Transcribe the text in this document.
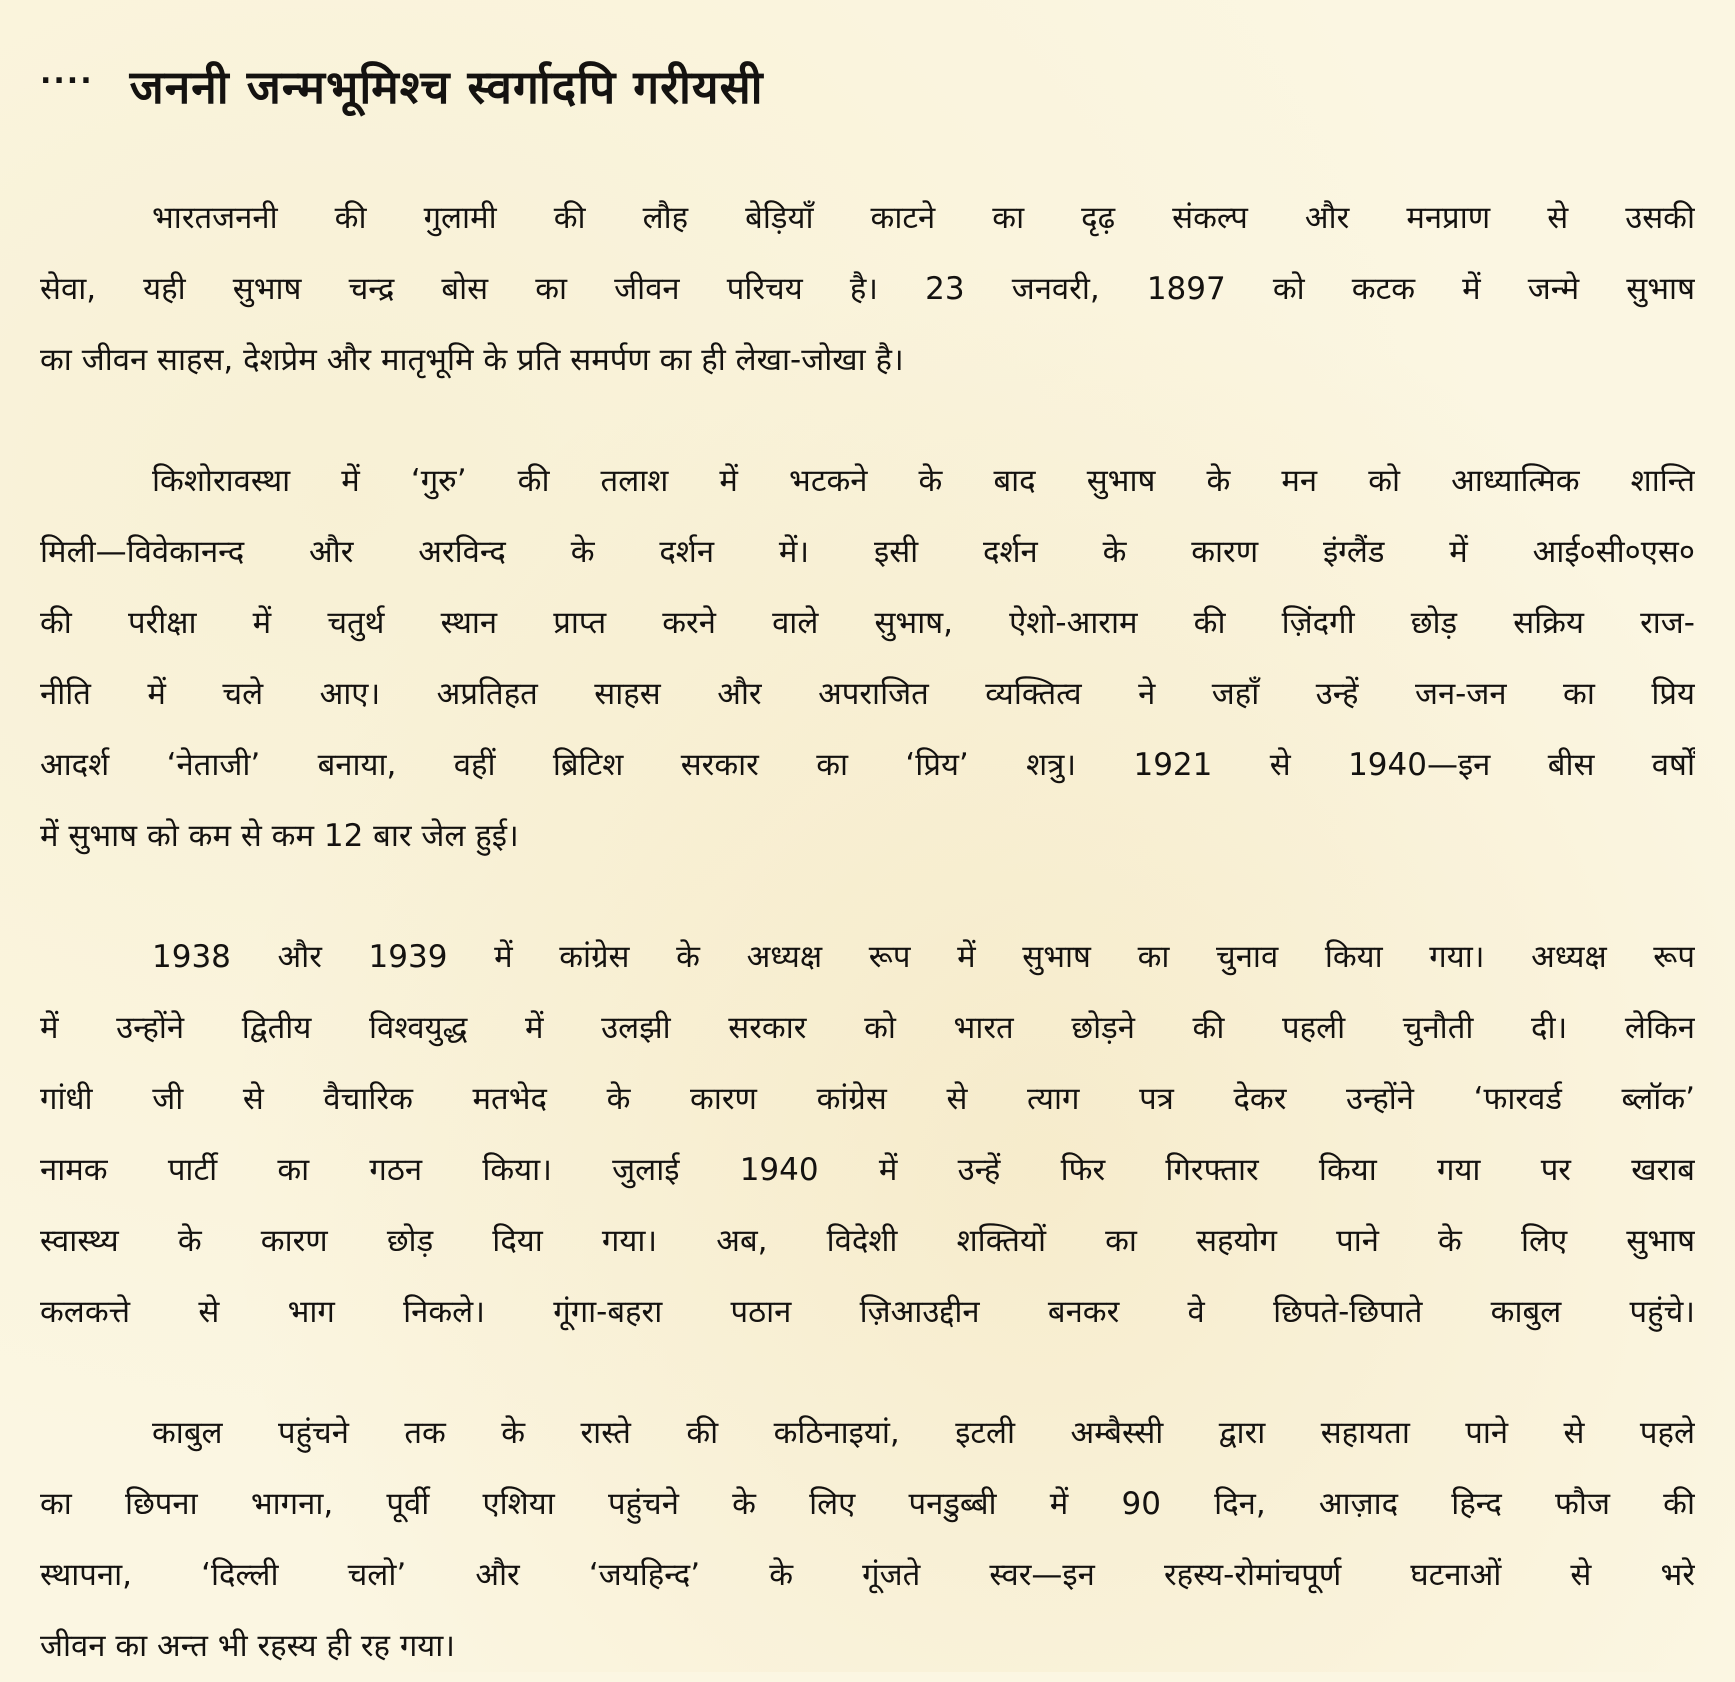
.... जननी जन्मभूमिश्च स्वर्गादपि गरीयसी
भारतजननी की गुलामी की लौह बेड़ियाँ काटने का दृढ़ संकल्प और मनप्राण से उसकी
सेवा, यही सुभाष चन्द्र बोस का जीवन परिचय है। 23 जनवरी, 1897 को कटक में जन्मे सुभाष
का जीवन साहस, देशप्रेम और मातृभूमि के प्रति समर्पण का ही लेखा-जोखा है।
किशोरावस्था में ‘गुरु’ की तलाश में भटकने के बाद सुभाष के मन को आध्यात्मिक शान्ति
मिली—विवेकानन्द और अरविन्द के दर्शन में। इसी दर्शन के कारण इंग्लैंड में आई०सी०एस०
की परीक्षा में चतुर्थ स्थान प्राप्त करने वाले सुभाष, ऐशो-आराम की ज़िंदगी छोड़ सक्रिय राज-
नीति में चले आए। अप्रतिहत साहस और अपराजित व्यक्तित्व ने जहाँ उन्हें जन-जन का प्रिय
आदर्श ‘नेताजी’ बनाया, वहीं ब्रिटिश सरकार का ‘प्रिय’ शत्रु। 1921 से 1940—इन बीस वर्षों
में सुभाष को कम से कम 12 बार जेल हुई।
1938 और 1939 में कांग्रेस के अध्यक्ष रूप में सुभाष का चुनाव किया गया। अध्यक्ष रूप
में उन्होंने द्वितीय विश्वयुद्ध में उलझी सरकार को भारत छोड़ने की पहली चुनौती दी। लेकिन
गांधी जी से वैचारिक मतभेद के कारण कांग्रेस से त्याग पत्र देकर उन्होंने ‘फारवर्ड ब्लॉक’
नामक पार्टी का गठन किया। जुलाई 1940 में उन्हें फिर गिरफ्तार किया गया पर खराब
स्वास्थ्य के कारण छोड़ दिया गया। अब, विदेशी शक्तियों का सहयोग पाने के लिए सुभाष
कलकत्ते से भाग निकले। गूंगा-बहरा पठान ज़िआउद्दीन बनकर वे छिपते-छिपाते काबुल पहुंचे।
काबुल पहुंचने तक के रास्ते की कठिनाइयां, इटली अम्बैस्सी द्वारा सहायता पाने से पहले
का छिपना भागना, पूर्वी एशिया पहुंचने के लिए पनडुब्बी में 90 दिन, आज़ाद हिन्द फौज की
स्थापना, ‘दिल्ली चलो’ और ‘जयहिन्द’ के गूंजते स्वर—इन रहस्य-रोमांचपूर्ण घटनाओं से भरे
जीवन का अन्त भी रहस्य ही रह गया।
